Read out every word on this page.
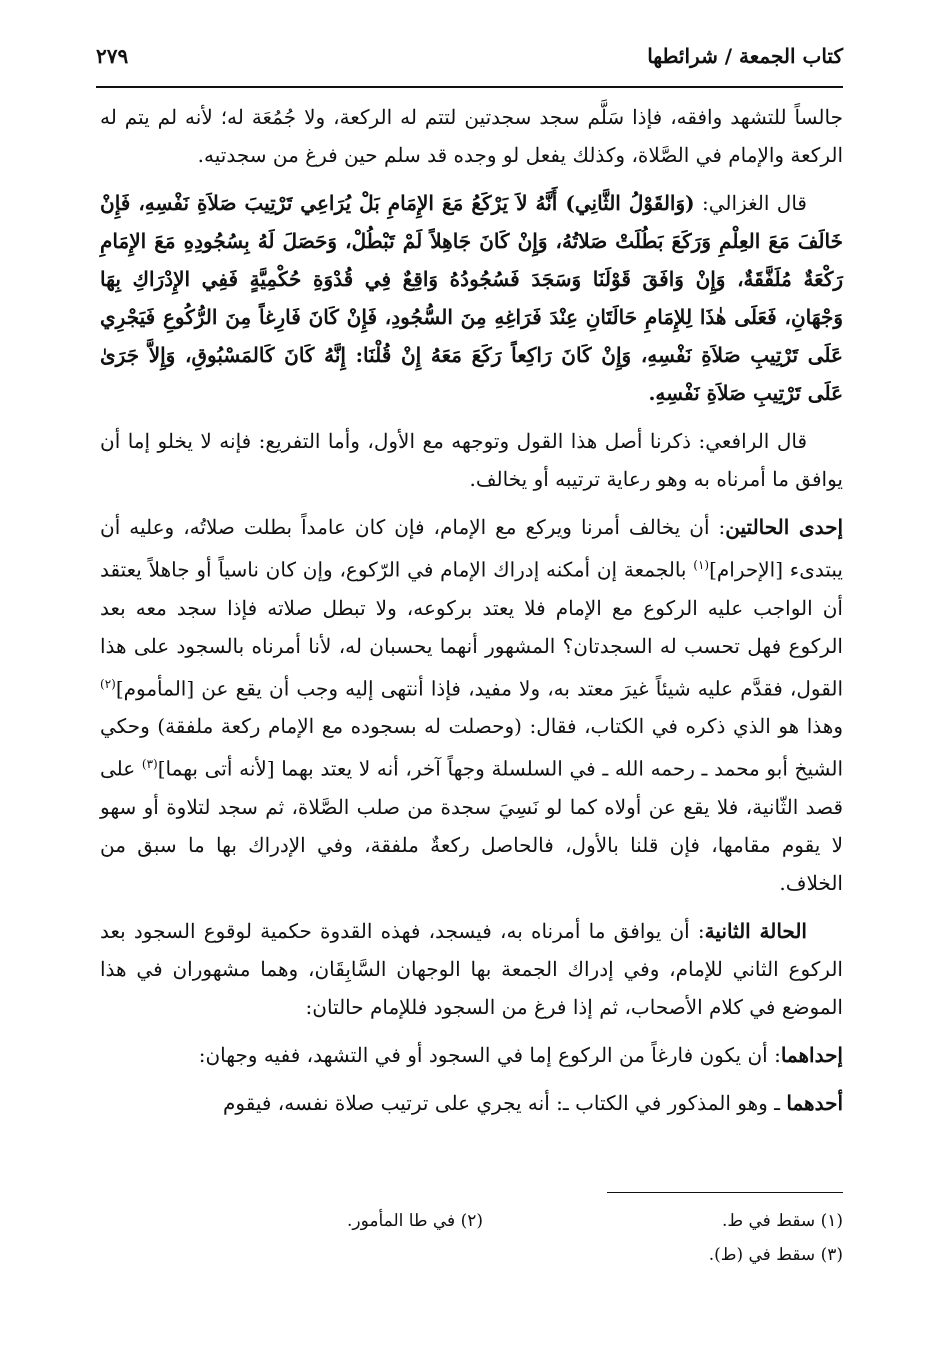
كتاب الجمعة / شرائطها
٢٧٩

جالساً للتشهد وافقه، فإذا سَلَّم سجد سجدتين لتتم له الركعة، ولا جُمُعَة له؛ لأنه لم يتم له الركعة والإمام في الصَّلاة، وكذلك يفعل لو وجده قد سلم حين فرغ من سجدتيه.

قال الغزالي: (وَالقَوْلُ الثَّانِي) أَنَّهُ لاَ يَرْكَعُ مَعَ الإِمَامِ بَلْ يُرَاعِي تَرْتِيبَ صَلاَةِ نَفْسِهِ، فَإِنْ خَالَفَ مَعَ العِلْمِ وَرَكَعَ بَطُلَتْ صَلاتُهُ، وَإِنْ كَانَ جَاهِلاً لَمْ تَبْطُلْ، وَحَصَلَ لَهُ بِسُجُودِهِ مَعَ الإِمَامِ رَكْعَةٌ مُلَفَّقَةٌ، وَإِنْ وَافَقَ قَوْلَنَا وَسَجَدَ فَسُجُودُهُ وَاقِعٌ فِي قُدْوَةِ حُكْمِيَّةٍ فَفِي الإِدْرَاكِ بِهَا وَجْهَانِ، فَعَلَى هٰذَا لِلإِمَامِ حَالَتَانِ عِنْدَ فَرَاغِهِ مِنَ السُّجُودِ، فَإِنْ كَانَ فَارِغاً مِنَ الرُّكُوعِ فَيَجْرِي عَلَى تَرْتِيبِ صَلاَةِ نَفْسِهِ، وَإِنْ كَانَ رَاكِعاً رَكَعَ مَعَهُ إِنْ قُلْنَا: إِنَّهُ كَانَ كَالمَسْبُوقِ، وَإِلاَّ جَرَىٰ عَلَى تَرْتِيبِ صَلاَةِ نَفْسِهِ.

قال الرافعي: ذكرنا أصل هذا القول وتوجهه مع الأول، وأما التفريع: فإنه لا يخلو إما أن يوافق ما أمرناه به وهو رعاية ترتيبه أو يخالف.

إحدى الحالتين: أن يخالف أمرنا ويركع مع الإمام، فإن كان عامداً بطلت صلاتُه، وعليه أن يبتدىء [الإحرام]$^{(١)}$ بالجمعة إن أمكنه إدراك الإمام في الرّكوع، وإن كان ناسياً أو جاهلاً يعتقد أن الواجب عليه الركوع مع الإمام فلا يعتد بركوعه، ولا تبطل صلاته فإذا سجد معه بعد الركوع فهل تحسب له السجدتان؟ المشهور أنهما يحسبان له، لأنا أمرناه بالسجود على هذا القول، فقدَّم عليه شيئاً غيرَ معتد به، ولا مفيد، فإذا أنتهى إليه وجب أن يقع عن [المأموم]$^{(٢)}$ وهذا هو الذي ذكره في الكتاب، فقال: (وحصلت له بسجوده مع الإمام ركعة ملفقة) وحكي الشيخ أبو محمد ـ رحمه الله ـ في السلسلة وجهاً آخر، أنه لا يعتد بهما [لأنه أتى بهما]$^{(٣)}$ على قصد الثّانية، فلا يقع عن أولاه كما لو نَسِيَ سجدة من صلب الصَّلاة، ثم سجد لتلاوة أو سهو لا يقوم مقامها، فإن قلنا بالأول، فالحاصل ركعةٌ ملفقة، وفي الإدراك بها ما سبق من الخلاف.

الحالة الثانية: أن يوافق ما أمرناه به، فيسجد، فهذه القدوة حكمية لوقوع السجود بعد الركوع الثاني للإمام، وفي إدراك الجمعة بها الوجهان السَّابِقَان، وهما مشهوران في هذا الموضع في كلام الأصحاب، ثم إذا فرغ من السجود فللإمام حالتان:

إحداهما: أن يكون فارغاً من الركوع إما في السجود أو في التشهد، ففيه وجهان:

أحدهما ـ وهو المذكور في الكتاب ـ: أنه يجري على ترتيب صلاة نفسه، فيقوم

(١) سقط في ط.
(٢) في طا المأمور.
(٣) سقط في (ط).
